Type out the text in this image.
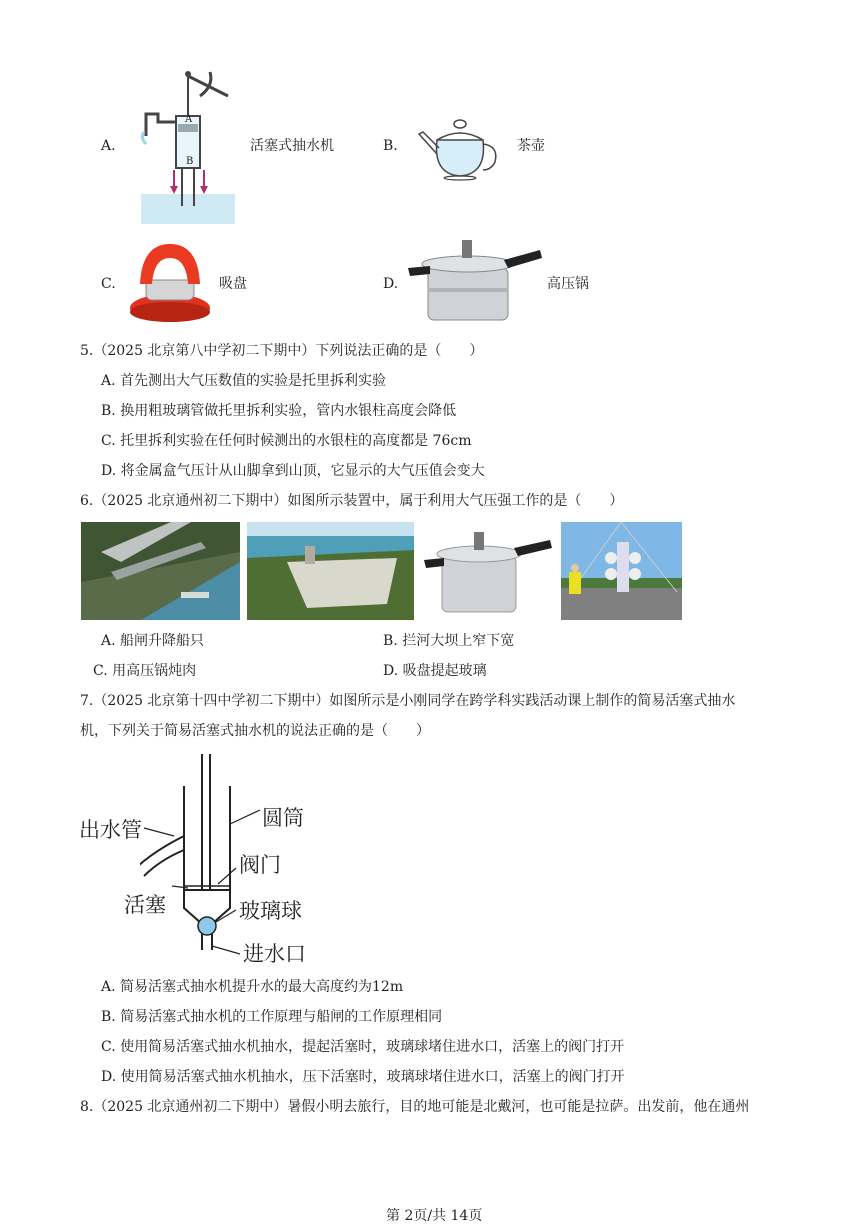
A.
A
B
活塞式抽水机	B.	茶壶
C.	吸盘	D.	高压锅
5.（2025 北京第八中学初二下期中）下列说法正确的是（　　）
A. 首先测出大气压数值的实验是托里拆利实验
B. 换用粗玻璃管做托里拆利实验，管内水银柱高度会降低
C. 托里拆利实验在任何时候测出的水银柱的高度都是 76cm
D. 将金属盒气压计从山脚拿到山顶，它显示的大气压值会变大
6.（2025 北京通州初二下期中）如图所示装置中，属于利用大气压强工作的是（　　）
A. 船闸升降船只	B. 拦河大坝上窄下宽
C. 用高压锅炖肉	D. 吸盘提起玻璃
7.（2025 北京第十四中学初二下期中）如图所示是小刚同学在跨学科实践活动课上制作的简易活塞式抽水
机，下列关于简易活塞式抽水机的说法正确的是（　　）
出水管	圆筒
阀门
活塞	玻璃球
进水口
A. 简易活塞式抽水机提升水的最大高度约为12m
B. 简易活塞式抽水机的工作原理与船闸的工作原理相同
C. 使用简易活塞式抽水机抽水，提起活塞时，玻璃球堵住进水口，活塞上的阀门打开
D. 使用简易活塞式抽水机抽水，压下活塞时，玻璃球堵住进水口，活塞上的阀门打开
8.（2025 北京通州初二下期中）暑假小明去旅行，目的地可能是北戴河，也可能是拉萨。出发前，他在通州
第 2页/共 14页
